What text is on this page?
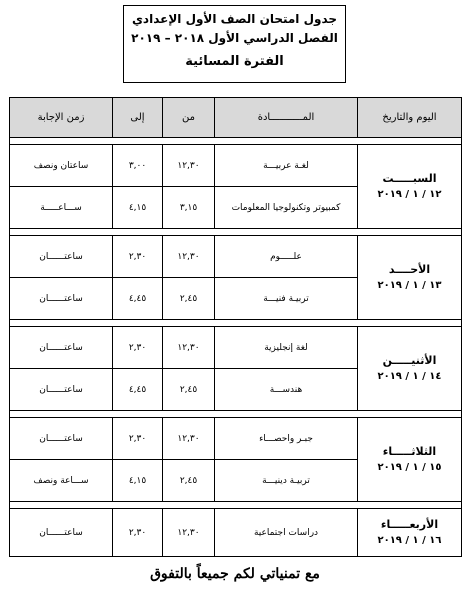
جدول امتحان الصف الأول الإعدادي
الفصل الدراسي الأول ٢٠١٨ – ٢٠١٩
الفترة المسائية
اليوم والتاريخ	المـــــــــــادة	من	إلى	زمن الإجابة

السبـــــت
١٢ / ١ / ٢٠١٩	لغـة عربيـــة	١٢,٣٠	٣,٠٠	ساعتان ونصف
	كمبيوتر وتكنولوجيا المعلومات	٣,١٥	٤,١٥	ســـاعـــــة

الأحــــد
١٣ / ١ / ٢٠١٩	علـــــوم	١٢,٣٠	٢,٣٠	ساعتــــــان
	تربيـة فنيـــة	٢,٤٥	٤,٤٥	ساعتــــــان

الأثنيـــــن
١٤ / ١ / ٢٠١٩	لغة إنجليزية	١٢,٣٠	٢,٣٠	ساعتــــــان
	هندســـة	٢,٤٥	٤,٤٥	ساعتــــــان

الثلاثـــــاء
١٥ / ١ / ٢٠١٩	جبـر واحصـــاء	١٢,٣٠	٢,٣٠	ساعتــــــان
	تربيـة دينيـــة	٢,٤٥	٤,١٥	ســـاعة ونصف

الأربعـــــاء
١٦ / ١ / ٢٠١٩	دراسات اجتماعية	١٢,٣٠	٢,٣٠	ساعتــــــان
مع تمنياتي لكم جميعاً بالتفوق
